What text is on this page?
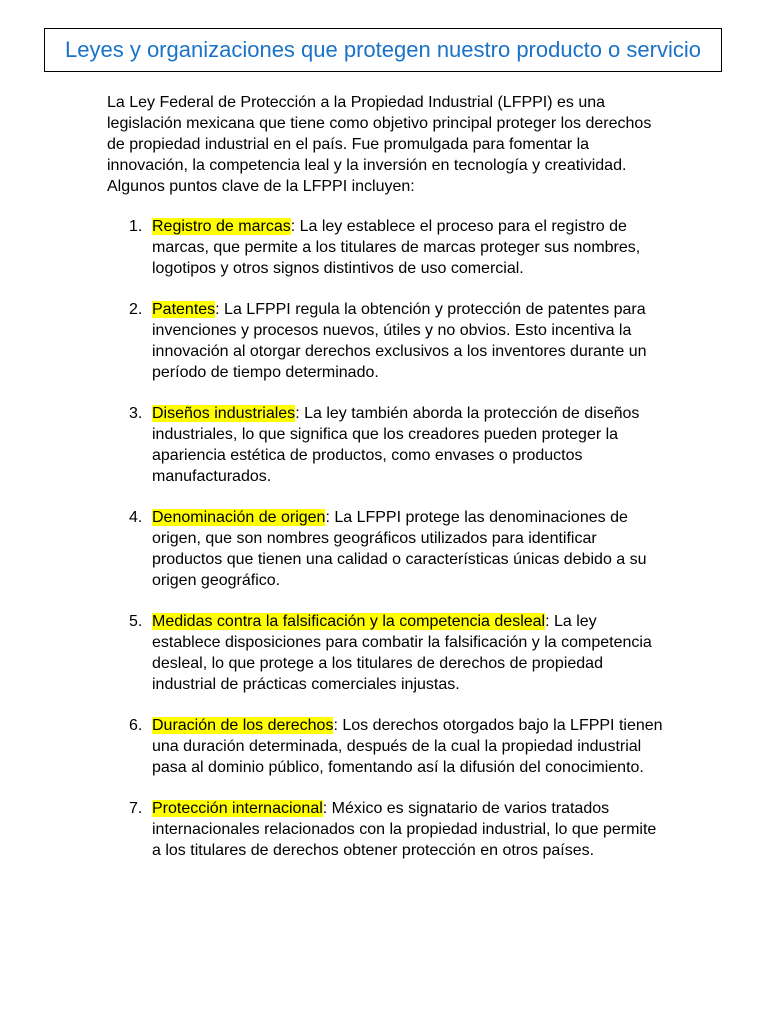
Leyes y organizaciones que protegen nuestro producto o servicio

La Ley Federal de Protección a la Propiedad Industrial (LFPPI) es una legislación mexicana que tiene como objetivo principal proteger los derechos de propiedad industrial en el país. Fue promulgada para fomentar la innovación, la competencia leal y la inversión en tecnología y creatividad. Algunos puntos clave de la LFPPI incluyen:

1. Registro de marcas: La ley establece el proceso para el registro de marcas, que permite a los titulares de marcas proteger sus nombres, logotipos y otros signos distintivos de uso comercial.
2. Patentes: La LFPPI regula la obtención y protección de patentes para invenciones y procesos nuevos, útiles y no obvios. Esto incentiva la innovación al otorgar derechos exclusivos a los inventores durante un período de tiempo determinado.
3. Diseños industriales: La ley también aborda la protección de diseños industriales, lo que significa que los creadores pueden proteger la apariencia estética de productos, como envases o productos manufacturados.
4. Denominación de origen: La LFPPI protege las denominaciones de origen, que son nombres geográficos utilizados para identificar productos que tienen una calidad o características únicas debido a su origen geográfico.
5. Medidas contra la falsificación y la competencia desleal: La ley establece disposiciones para combatir la falsificación y la competencia desleal, lo que protege a los titulares de derechos de propiedad industrial de prácticas comerciales injustas.
6. Duración de los derechos: Los derechos otorgados bajo la LFPPI tienen una duración determinada, después de la cual la propiedad industrial pasa al dominio público, fomentando así la difusión del conocimiento.
7. Protección internacional: México es signatario de varios tratados internacionales relacionados con la propiedad industrial, lo que permite a los titulares de derechos obtener protección en otros países.
